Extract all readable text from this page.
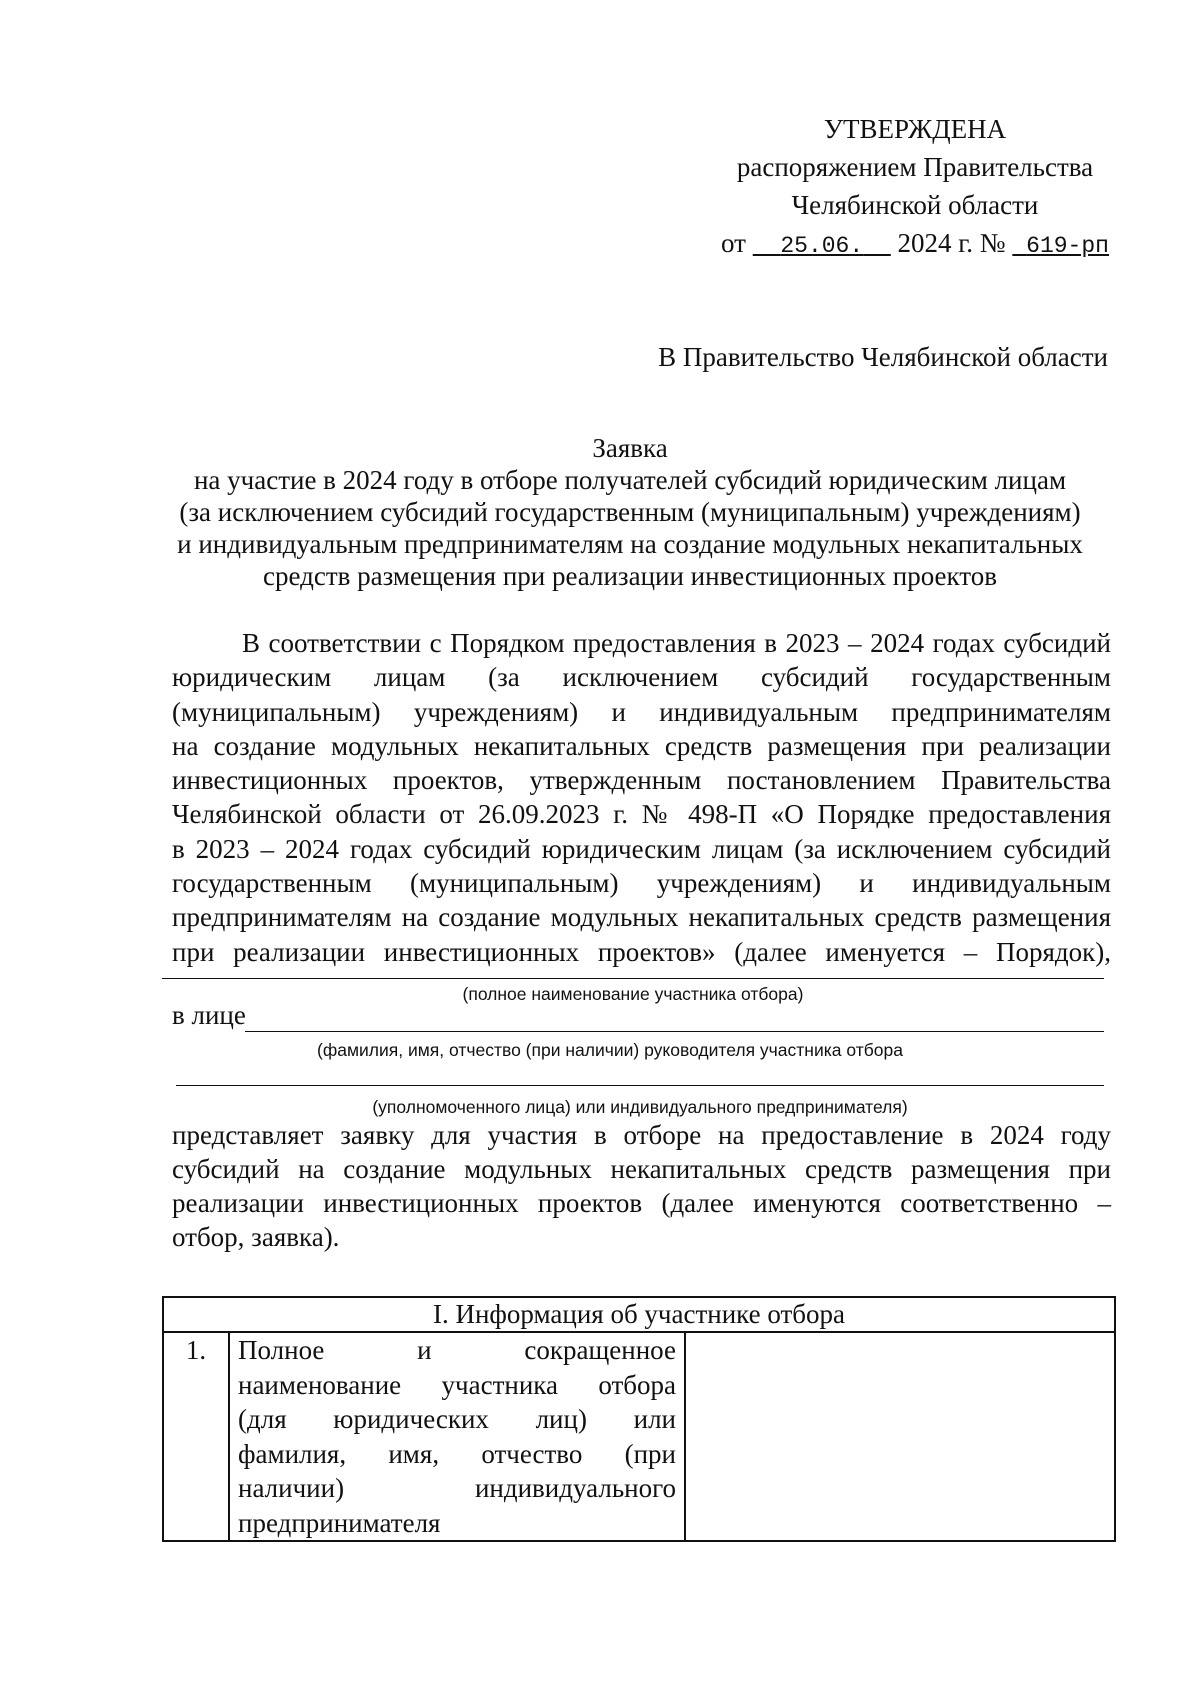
УТВЕРЖДЕНА
распоряжением Правительства
Челябинской области
от 25.06. 2024 г. № 619-рп
В Правительство Челябинской области
Заявка
на участие в 2024 году в отборе получателей субсидий юридическим лицам
(за исключением субсидий государственным (муниципальным) учреждениям)
и индивидуальным предпринимателям на создание модульных некапитальных
средств размещения при реализации инвестиционных проектов
В соответствии с Порядком предоставления в 2023 – 2024 годах субсидий
юридическим лицам (за исключением субсидий государственным
(муниципальным) учреждениям) и индивидуальным предпринимателям
на создание модульных некапитальных средств размещения при реализации
инвестиционных проектов, утвержденным постановлением Правительства
Челябинской области от 26.09.2023 г. № 498-П «О Порядке предоставления
в 2023 – 2024 годах субсидий юридическим лицам (за исключением субсидий
государственным (муниципальным) учреждениям) и индивидуальным
предпринимателям на создание модульных некапитальных средств размещения
при реализации инвестиционных проектов» (далее именуется – Порядок),
(полное наименование участника отбора)
в лице
(фамилия, имя, отчество (при наличии) руководителя участника отбора
(уполномоченного лица) или индивидуального предпринимателя)
представляет заявку для участия в отборе на предоставление в 2024 году
субсидий на создание модульных некапитальных средств размещения при
реализации инвестиционных проектов (далее именуются соответственно –
отбор, заявка).
I. Информация об участнике отбора
1.	Полное и сокращенное
наименование участника отбора
(для юридических лиц) или
фамилия, имя, отчество (при
наличии) индивидуального
предпринимателя
